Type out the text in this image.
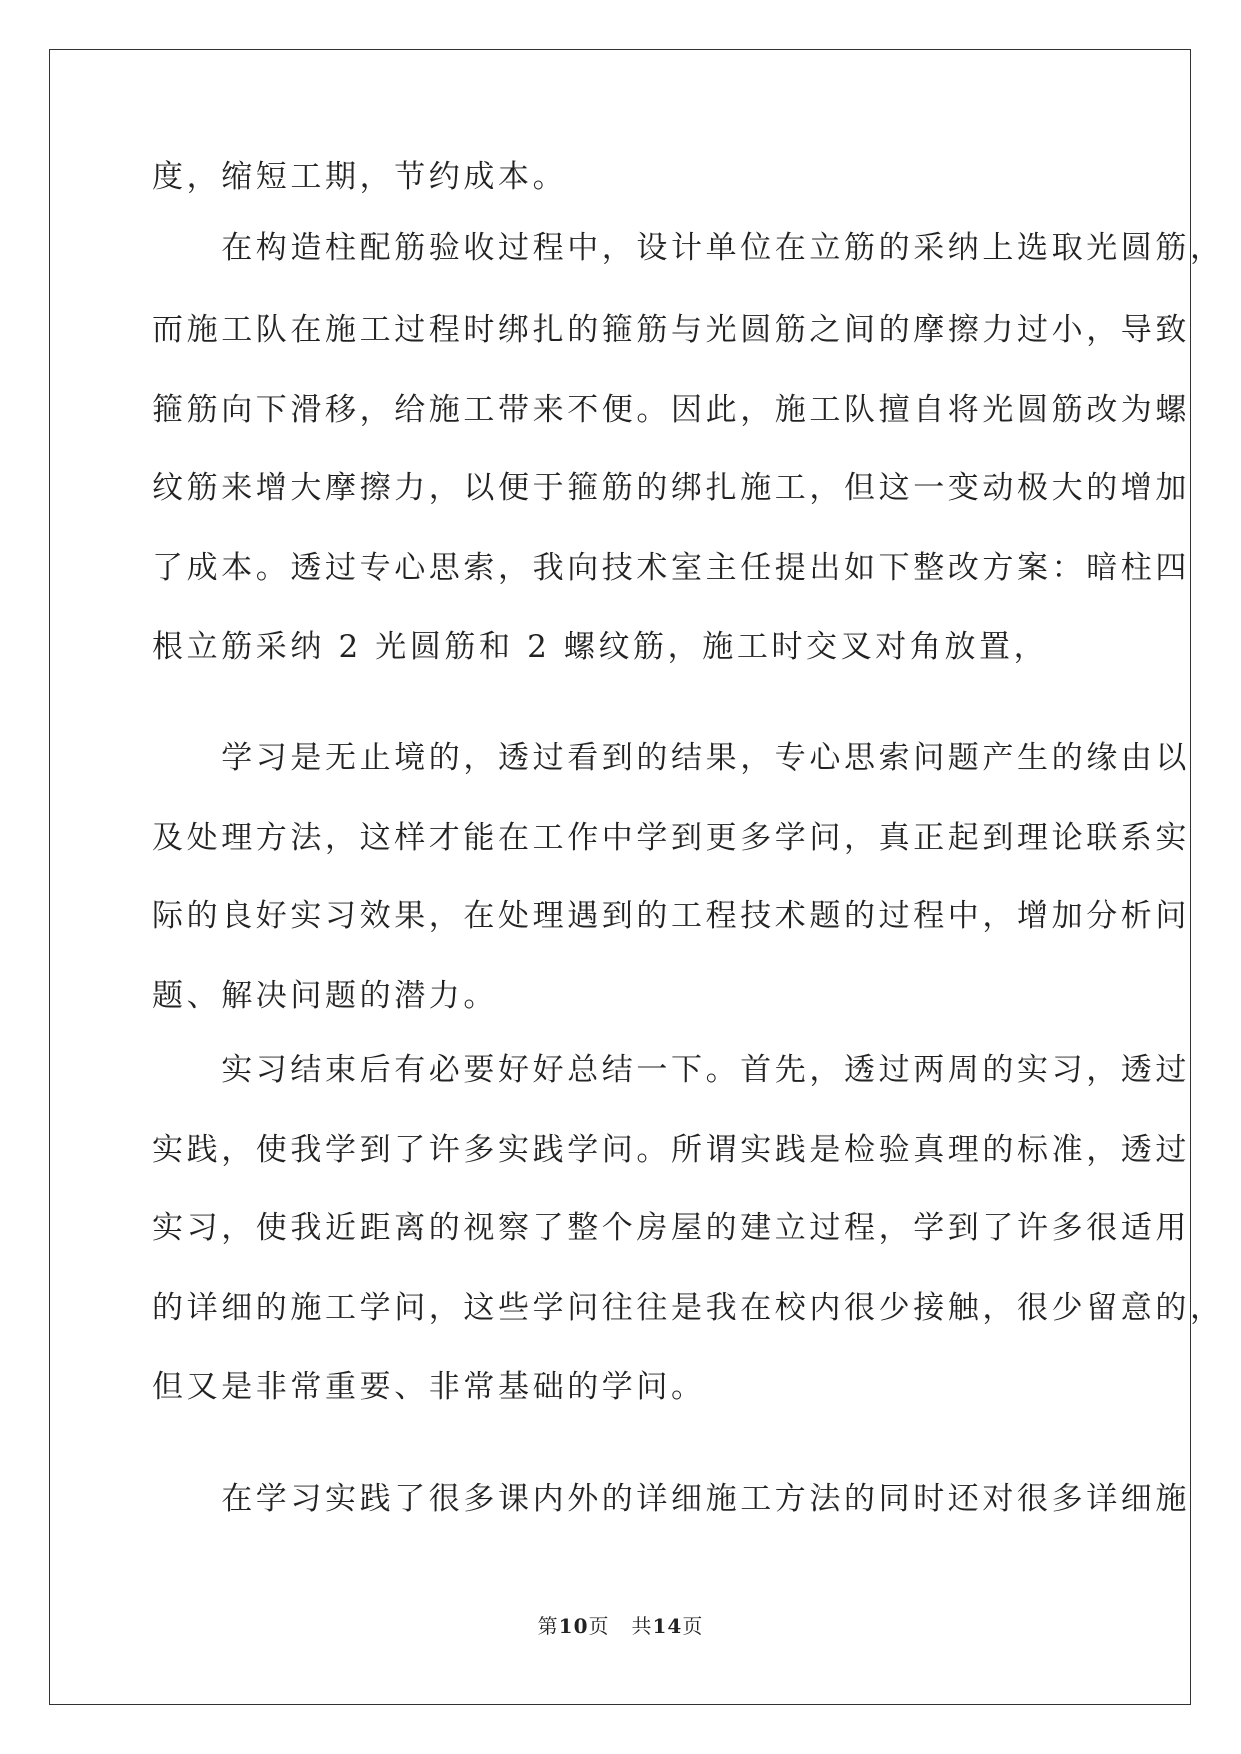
度，缩短工期，节约成本。
　　在构造柱配筋验收过程中，设计单位在立筋的采纳上选取光圆筋，
而施工队在施工过程时绑扎的箍筋与光圆筋之间的摩擦力过小，导致
箍筋向下滑移，给施工带来不便。因此，施工队擅自将光圆筋改为螺
纹筋来增大摩擦力，以便于箍筋的绑扎施工，但这一变动极大的增加
了成本。透过专心思索，我向技术室主任提出如下整改方案：暗柱四
根立筋采纳 2 光圆筋和 2 螺纹筋，施工时交叉对角放置，
　　学习是无止境的，透过看到的结果，专心思索问题产生的缘由以
及处理方法，这样才能在工作中学到更多学问，真正起到理论联系实
际的良好实习效果，在处理遇到的工程技术题的过程中，增加分析问
题、解决问题的潜力。
　　实习结束后有必要好好总结一下。首先，透过两周的实习，透过
实践，使我学到了许多实践学问。所谓实践是检验真理的标准，透过
实习，使我近距离的视察了整个房屋的建立过程，学到了许多很适用
的详细的施工学问，这些学问往往是我在校内很少接触，很少留意的，
但又是非常重要、非常基础的学问。
　　在学习实践了很多课内外的详细施工方法的同时还对很多详细施
第10页 共14页
